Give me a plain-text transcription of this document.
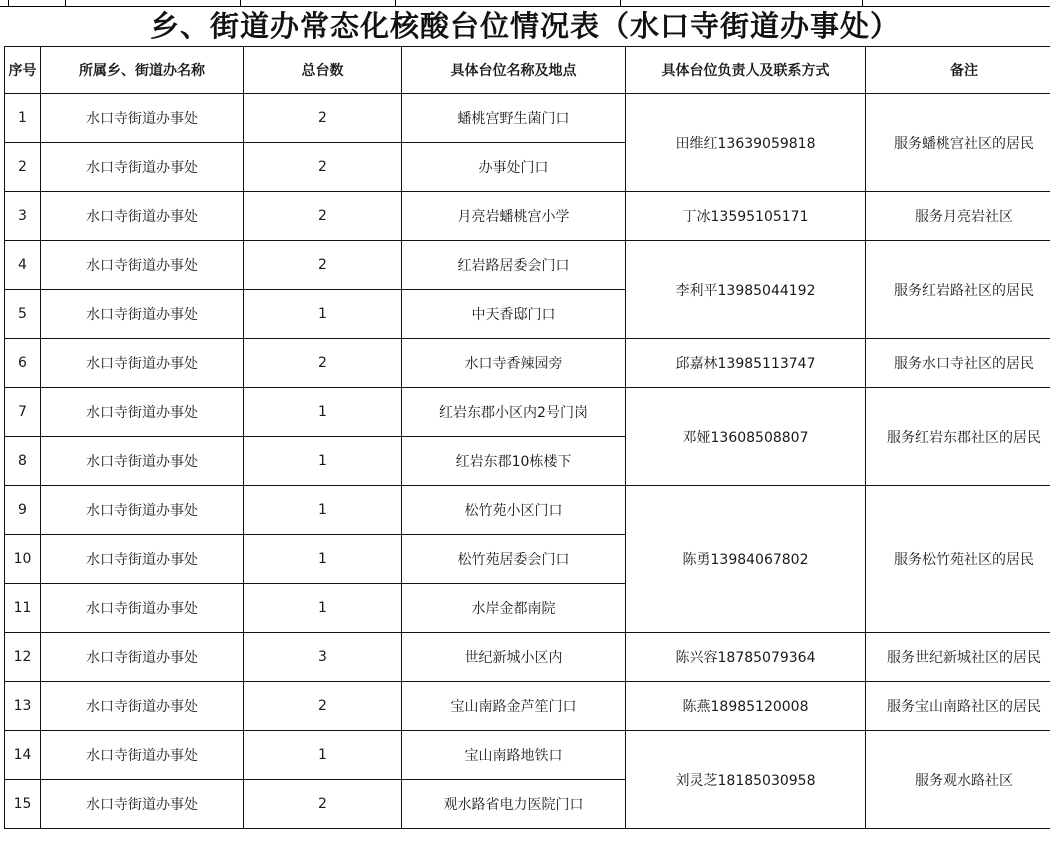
乡、街道办常态化核酸台位情况表（水口寺街道办事处）
序号	所属乡、街道办名称	总台数	具体台位名称及地点	具体台位负责人及联系方式	备注
1	水口寺街道办事处	2	蟠桃宫野生菌门口	田维红13639059818	服务蟠桃宫社区的居民
2	水口寺街道办事处	2	办事处门口		
3	水口寺街道办事处	2	月亮岩蟠桃宫小学	丁冰13595105171	服务月亮岩社区
4	水口寺街道办事处	2	红岩路居委会门口	李利平13985044192	服务红岩路社区的居民
5	水口寺街道办事处	1	中天香邸门口		
6	水口寺街道办事处	2	水口寺香辣园旁	邱嘉林13985113747	服务水口寺社区的居民
7	水口寺街道办事处	1	红岩东郡小区内2号门岗	邓娅13608508807	服务红岩东郡社区的居民
8	水口寺街道办事处	1	红岩东郡10栋楼下		
9	水口寺街道办事处	1	松竹苑小区门口	陈勇13984067802	服务松竹苑社区的居民
10	水口寺街道办事处	1	松竹苑居委会门口		
11	水口寺街道办事处	1	水岸金都南院		
12	水口寺街道办事处	3	世纪新城小区内	陈兴容18785079364	服务世纪新城社区的居民
13	水口寺街道办事处	2	宝山南路金芦笙门口	陈燕18985120008	服务宝山南路社区的居民
14	水口寺街道办事处	1	宝山南路地铁口	刘灵芝18185030958	服务观水路社区
15	水口寺街道办事处	2	观水路省电力医院门口		
